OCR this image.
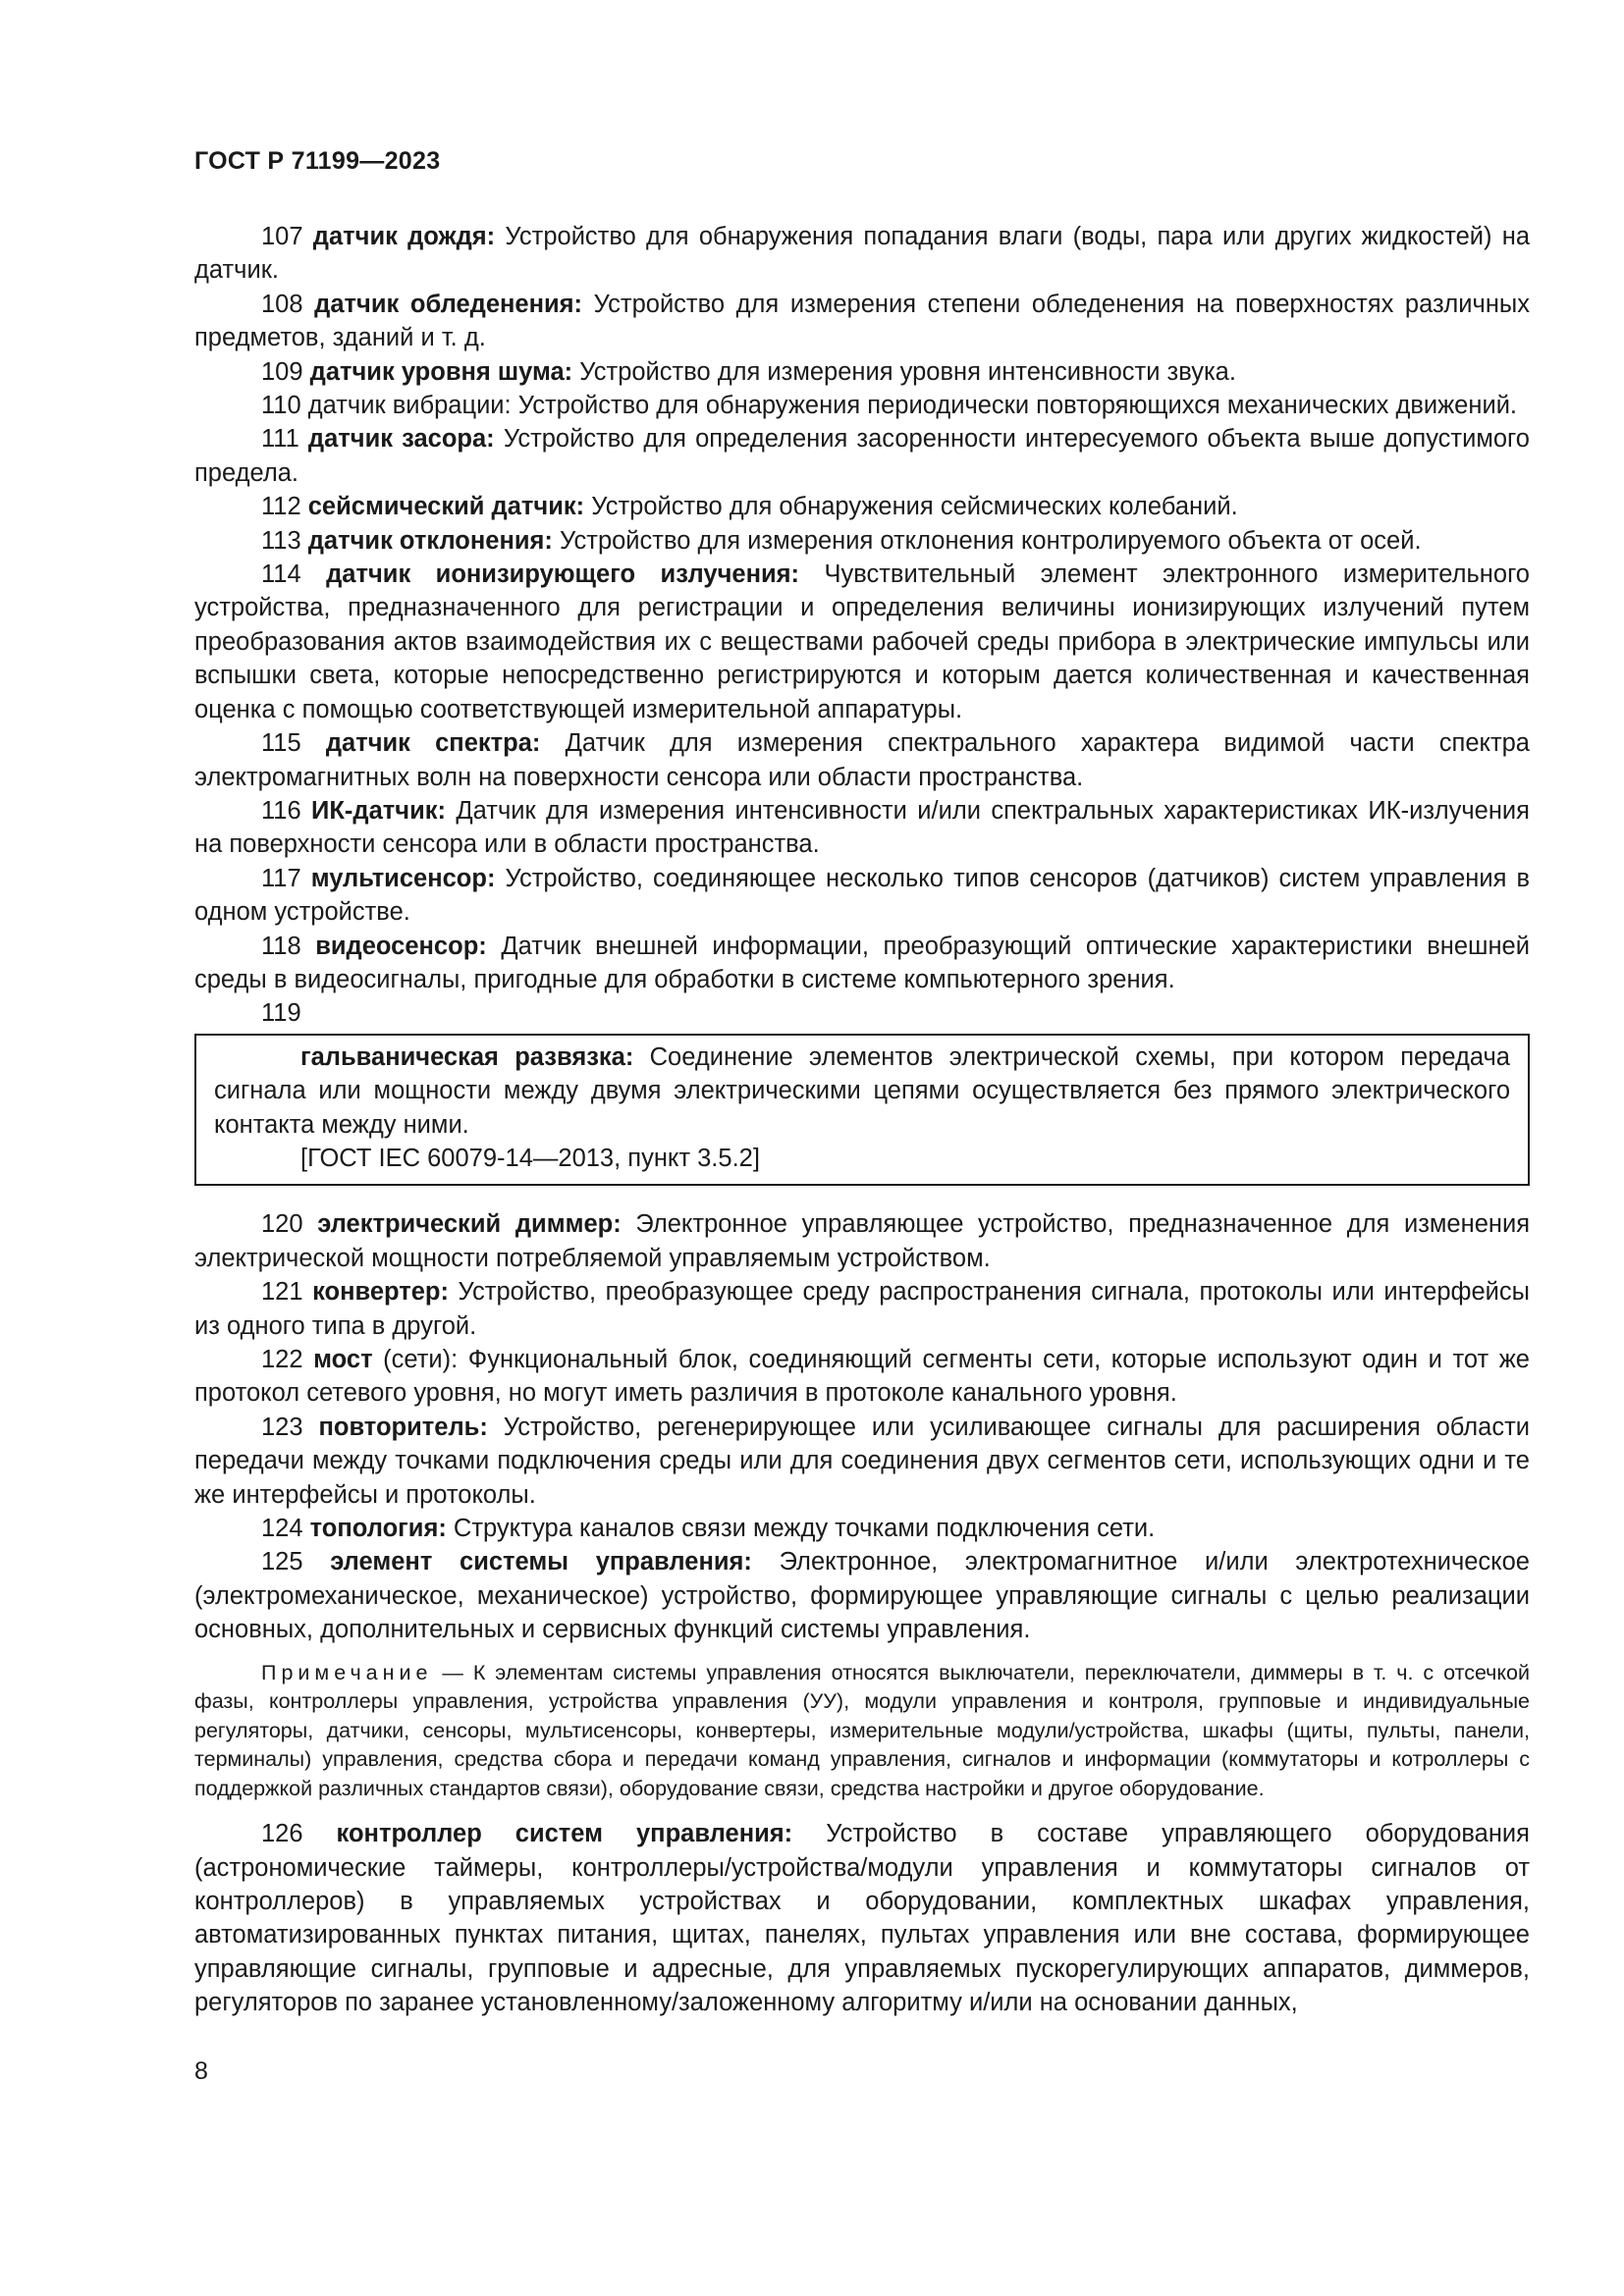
ГОСТ Р 71199—2023

107 датчик дождя: Устройство для обнаружения попадания влаги (воды, пара или других жидкостей) на датчик.

108 датчик обледенения: Устройство для измерения степени обледенения на поверхностях различных предметов, зданий и т. д.

109 датчик уровня шума: Устройство для измерения уровня интенсивности звука.

110 датчик вибрации: Устройство для обнаружения периодически повторяющихся механических движений.

111 датчик засора: Устройство для определения засоренности интересуемого объекта выше допустимого предела.

112 сейсмический датчик: Устройство для обнаружения сейсмических колебаний.

113 датчик отклонения: Устройство для измерения отклонения контролируемого объекта от осей.

114 датчик ионизирующего излучения: Чувствительный элемент электронного измерительного устройства, предназначенного для регистрации и определения величины ионизирующих излучений путем преобразования актов взаимодействия их с веществами рабочей среды прибора в электрические импульсы или вспышки света, которые непосредственно регистрируются и которым дается количественная и качественная оценка с помощью соответствующей измерительной аппаратуры.

115 датчик спектра: Датчик для измерения спектрального характера видимой части спектра электромагнитных волн на поверхности сенсора или области пространства.

116 ИК-датчик: Датчик для измерения интенсивности и/или спектральных характеристиках ИК-излучения на поверхности сенсора или в области пространства.

117 мультисенсор: Устройство, соединяющее несколько типов сенсоров (датчиков) систем управления в одном устройстве.

118 видеосенсор: Датчик внешней информации, преобразующий оптические характеристики внешней среды в видеосигналы, пригодные для обработки в системе компьютерного зрения.

119

гальваническая развязка: Соединение элементов электрической схемы, при котором передача сигнала или мощности между двумя электрическими цепями осуществляется без прямого электрического контакта между ними.

[ГОСТ IEC 60079-14—2013, пункт 3.5.2]

120 электрический диммер: Электронное управляющее устройство, предназначенное для изменения электрической мощности потребляемой управляемым устройством.

121 конвертер: Устройство, преобразующее среду распространения сигнала, протоколы или интерфейсы из одного типа в другой.

122 мост (сети): Функциональный блок, соединяющий сегменты сети, которые используют один и тот же протокол сетевого уровня, но могут иметь различия в протоколе канального уровня.

123 повторитель: Устройство, регенерирующее или усиливающее сигналы для расширения области передачи между точками подключения среды или для соединения двух сегментов сети, использующих одни и те же интерфейсы и протоколы.

124 топология: Структура каналов связи между точками подключения сети.

125 элемент системы управления: Электронное, электромагнитное и/или электротехническое (электромеханическое, механическое) устройство, формирующее управляющие сигналы с целью реализации основных, дополнительных и сервисных функций системы управления.

Примечание — К элементам системы управления относятся выключатели, переключатели, диммеры в т. ч. с отсечкой фазы, контроллеры управления, устройства управления (УУ), модули управления и контроля, групповые и индивидуальные регуляторы, датчики, сенсоры, мультисенсоры, конвертеры, измерительные модули/устройства, шкафы (щиты, пульты, панели, терминалы) управления, средства сбора и передачи команд управления, сигналов и информации (коммутаторы и котроллеры с поддержкой различных стандартов связи), оборудование связи, средства настройки и другое оборудование.

126 контроллер систем управления: Устройство в составе управляющего оборудования (астрономические таймеры, контроллеры/устройства/модули управления и коммутаторы сигналов от контроллеров) в управляемых устройствах и оборудовании, комплектных шкафах управления, автоматизированных пунктах питания, щитах, панелях, пультах управления или вне состава, формирующее управляющие сигналы, групповые и адресные, для управляемых пускорегулирующих аппаратов, диммеров, регуляторов по заранее установленному/заложенному алгоритму и/или на основании данных,

8
